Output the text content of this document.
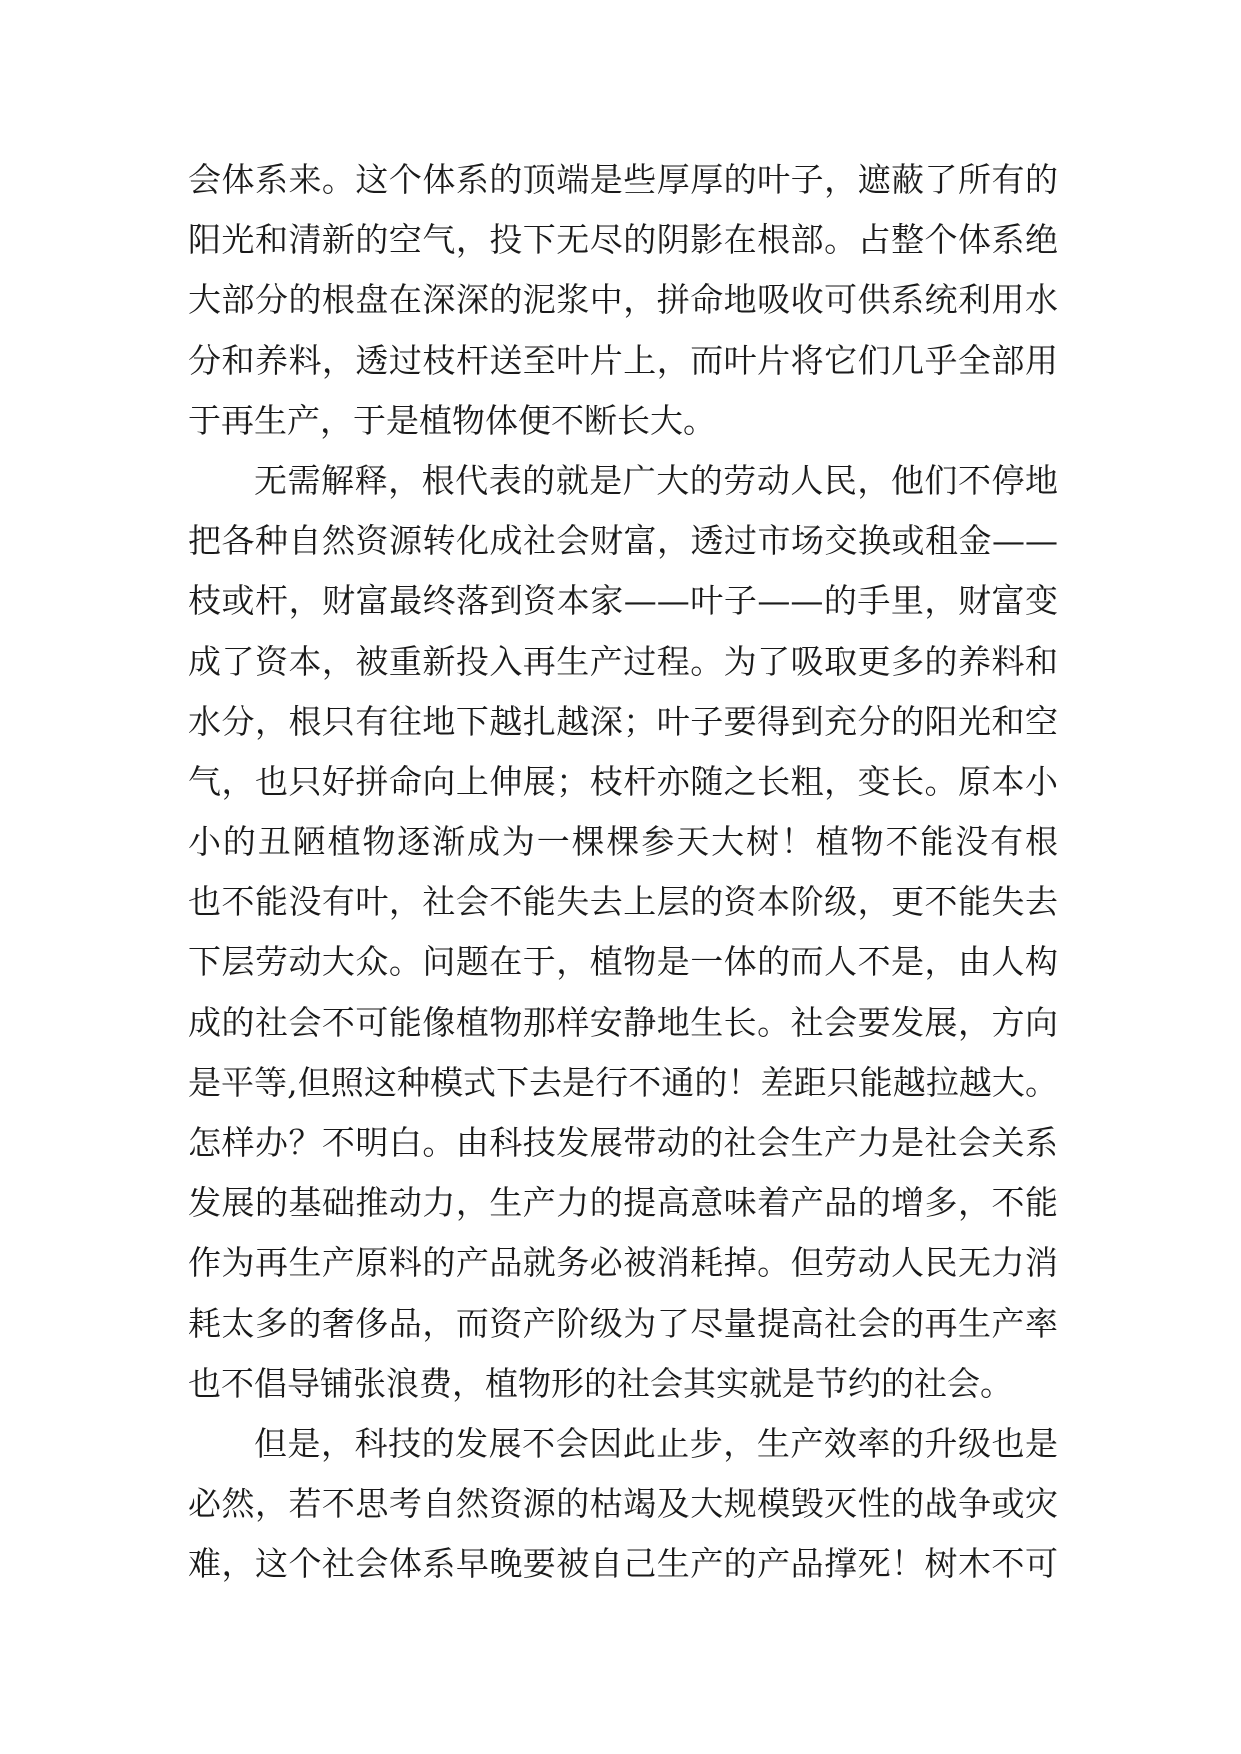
会体系来。这个体系的顶端是些厚厚的叶子，遮蔽了所有的
阳光和清新的空气，投下无尽的阴影在根部。占整个体系绝
大部分的根盘在深深的泥浆中，拼命地吸收可供系统利用水
分和养料，透过枝杆送至叶片上，而叶片将它们几乎全部用
于再生产，于是植物体便不断长大。
无需解释，根代表的就是广大的劳动人民，他们不停地
把各种自然资源转化成社会财富，透过市场交换或租金——
枝或杆，财富最终落到资本家——叶子——的手里，财富变
成了资本，被重新投入再生产过程。为了吸取更多的养料和
水分，根只有往地下越扎越深；叶子要得到充分的阳光和空
气，也只好拼命向上伸展；枝杆亦随之长粗，变长。原本小
小的丑陋植物逐渐成为一棵棵参天大树！植物不能没有根
也不能没有叶，社会不能失去上层的资本阶级，更不能失去
下层劳动大众。问题在于，植物是一体的而人不是，由人构
成的社会不可能像植物那样安静地生长。社会要发展，方向
是平等,但照这种模式下去是行不通的！差距只能越拉越大。
怎样办？不明白。由科技发展带动的社会生产力是社会关系
发展的基础推动力，生产力的提高意味着产品的增多，不能
作为再生产原料的产品就务必被消耗掉。但劳动人民无力消
耗太多的奢侈品，而资产阶级为了尽量提高社会的再生产率
也不倡导铺张浪费，植物形的社会其实就是节约的社会。
但是，科技的发展不会因此止步，生产效率的升级也是
必然，若不思考自然资源的枯竭及大规模毁灭性的战争或灾
难，这个社会体系早晚要被自己生产的产品撑死！树木不可
